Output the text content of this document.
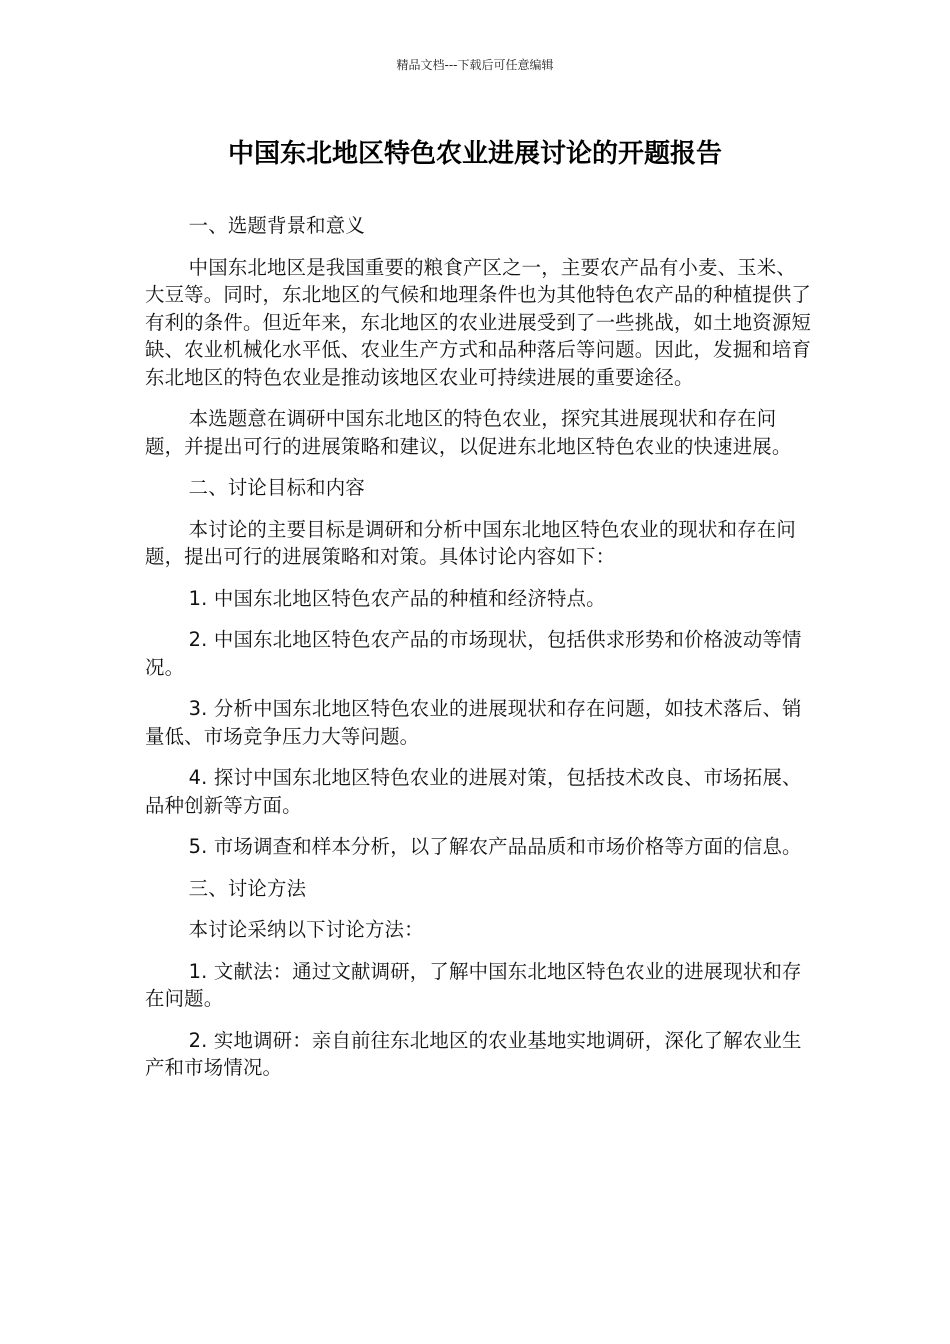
精品文档---下载后可任意编辑
中国东北地区特色农业进展讨论的开题报告

一、选题背景和意义

中国东北地区是我国重要的粮食产区之一，主要农产品有小麦、玉米、大豆等。同时，东北地区的气候和地理条件也为其他特色农产品的种植提供了有利的条件。但近年来，东北地区的农业进展受到了一些挑战，如土地资源短缺、农业机械化水平低、农业生产方式和品种落后等问题。因此，发掘和培育东北地区的特色农业是推动该地区农业可持续进展的重要途径。

本选题意在调研中国东北地区的特色农业，探究其进展现状和存在问题，并提出可行的进展策略和建议，以促进东北地区特色农业的快速进展。

二、讨论目标和内容

本讨论的主要目标是调研和分析中国东北地区特色农业的现状和存在问题，提出可行的进展策略和对策。具体讨论内容如下：

1. 中国东北地区特色农产品的种植和经济特点。

2. 中国东北地区特色农产品的市场现状，包括供求形势和价格波动等情况。

3. 分析中国东北地区特色农业的进展现状和存在问题，如技术落后、销量低、市场竞争压力大等问题。

4. 探讨中国东北地区特色农业的进展对策，包括技术改良、市场拓展、品种创新等方面。

5. 市场调查和样本分析，以了解农产品品质和市场价格等方面的信息。

三、讨论方法

本讨论采纳以下讨论方法：

1. 文献法：通过文献调研，了解中国东北地区特色农业的进展现状和存在问题。

2. 实地调研：亲自前往东北地区的农业基地实地调研，深化了解农业生产和市场情况。
